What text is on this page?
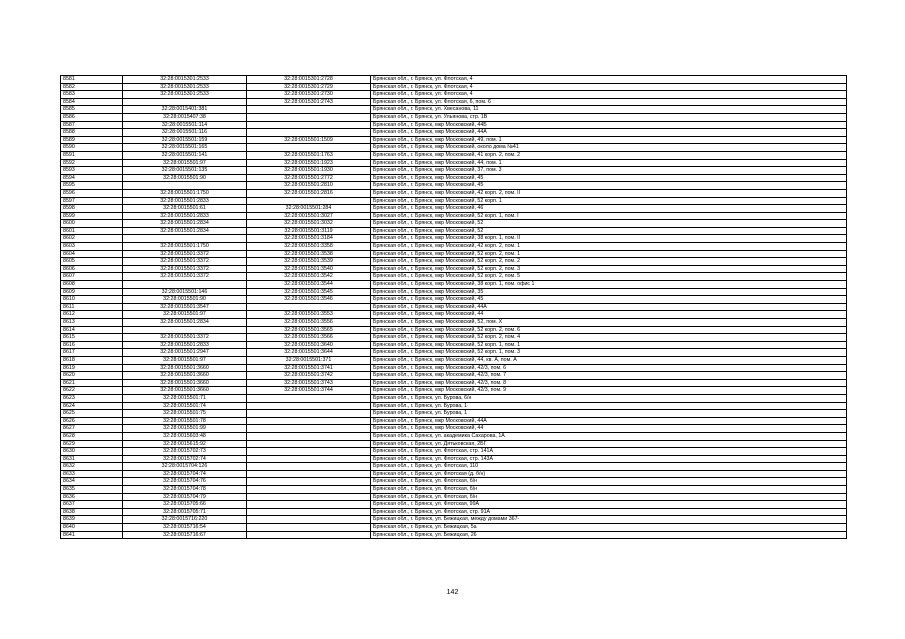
8581	32:28:0015301:2533	32:28:0015301:2728	Брянская обл., г. Брянск, ул. Флотская, 4
8582	32:28:0015301:2533	32:28:0015301:2729	Брянская обл., г. Брянск, ул. Флотская, 4
8583	32:28:0015301:2533	32:28:0015301:2730	Брянская обл., г. Брянск, ул. Флотская, 4
8584		32:28:0015301:2743	Брянская обл., г. Брянск, ул. Флотская, 6, пом. 6
8585	32:28:0015401:381		Брянская обл., г. Брянск, ул. Хвесанова, 11
8586	32:28:0015407:38		Брянская обл., г. Брянск, ул. Ульянова, стр. 1В
8587	32:28:0015501:114		Брянская обл., г. Брянск, мкр Московский, 44Б
8588	32:28:0015501:116		Брянская обл., г. Брянск, мкр Московский, 44А
8589	32:28:0015501:159	32:28:0015501:1509	Брянская обл., г. Брянск, мкр Московский, 49, пом. 1
8590	32:28:0015501:165		Брянская обл., г. Брянск, мкр Московский, около дома №41
8591	32:28:0015501:141	32:28:0015501:1763	Брянская обл., г. Брянск, мкр Московский, 41 корп. 2, пом. 2
8592	32:28:0015501:97	32:28:0015501:1923	Брянская обл., г. Брянск, мкр Московский, 44, пом. 1
8593	32:28:0015501:135	32:28:0015501:1930	Брянская обл., г. Брянск, мкр Московский, 37, пом. 3
8594	32:28:0015501:90	32:28:0015501:2772	Брянская обл., г. Брянск, мкр Московский, 45
8595		32:28:0015501:2810	Брянская обл., г. Брянск, мкр Московский, 45
8596	32:28:0015501:1750	32:28:0015501:2816	Брянская обл., г. Брянск, мкр Московский, 42 корп. 2, пом. II
8597	32:28:0015501:2833		Брянская обл., г. Брянск, мкр Московский, 52 корп. 1
8598	32:28:0015501:61	32:28:0015501:284	Брянская обл., г. Брянск, мкр Московский, 46
8599	32:28:0015501:2833	32:28:0015501:3027	Брянская обл., г. Брянск, мкр Московский, 52 корп. 1, пом. I
8600	32:28:0015501:2834	32:28:0015501:3032	Брянская обл., г. Брянск, мкр Московский, 52
8601	32:28:0015501:2834	32:28:0015501:3119	Брянская обл., г. Брянск, мкр Московский, 52
8602		32:28:0015501:3184	Брянская обл., г. Брянск, мкр Московский, 38 корп. 1, пом. II
8603	32:28:0015501:1750	32:28:0015501:3358	Брянская обл., г. Брянск, мкр Московский, 42 корп. 2, пом. 1
8604	32:28:0015501:3372	32:28:0015501:3538	Брянская обл., г. Брянск, мкр Московский, 52 корп. 2, пом. 1
8605	32:28:0015501:3372	32:28:0015501:3539	Брянская обл., г. Брянск, мкр Московский, 52 корп. 2, пом. 2
8606	32:28:0015501:3372	32:28:0015501:3540	Брянская обл., г. Брянск, мкр Московский, 52 корп. 2, пом. 3
8607	32:28:0015501:3372	32:28:0015501:3542	Брянская обл., г. Брянск, мкр Московский, 52 корп. 2, пом. 5
8608		32:28:0015501:3544	Брянская обл., г. Брянск, мкр Московский, 38 корп. 1, пом. офис 1
8609	32:28:0015501:146	32:28:0015501:3545	Брянская обл., г. Брянск, мкр Московский, 35
8610	32:28:0015501:90	32:28:0015501:3546	Брянская обл., г. Брянск, мкр Московский, 45
8611	32:28:0015501:3547		Брянская обл., г. Брянск, мкр Московский, 44А
8612	32:28:0015501:97	32:28:0015501:3553	Брянская обл., г. Брянск, мкр Московский, 44
8613	32:28:0015501:2834	32:28:0015501:3556	Брянская обл., г. Брянск, мкр Московский, 52, пом. X
8614		32:28:0015501:3565	Брянская обл., г. Брянск, мкр Московский, 52 корп. 2, пом. 6
8615	32:28:0015501:3372	32:28:0015501:3566	Брянская обл., г. Брянск, мкр Московский, 52 корп. 2, пом. 4
8616	32:28:0015501:2833	32:28:0015501:3640	Брянская обл., г. Брянск, мкр Московский, 52 корп. 1, пом. 1
8617	32:28:0015501:2947	32:28:0015501:3644	Брянская обл., г. Брянск, мкр Московский, 52 корп. 1, пом. 3
8618	32:28:0015501:97	32:28:0015501:371	Брянская обл., г. Брянск, мкр Московский, 44, кв. А, пом. А
8619	32:28:0015501:3660	32:28:0015501:3741	Брянская обл., г. Брянск, мкр Московский, 42/3, пом. 6
8620	32:28:0015501:3660	32:28:0015501:3742	Брянская обл., г. Брянск, мкр Московский, 42/3, пом. 7
8621	32:28:0015501:3660	32:28:0015501:3743	Брянская обл., г. Брянск, мкр Московский, 42/3, пом. 8
8622	32:28:0015501:3660	32:28:0015501:3744	Брянская обл., г. Брянск, мкр Московский, 42/3, пом. 9
8623	32:28:0015501:71		Брянская обл., г. Брянск, ул. Бурова, 6/н
8624	32:28:0015501:74		Брянская обл., г. Брянск, ул. Бурова, 1
8625	32:28:0015501:75		Брянская обл., г. Брянск, ул. Бурова, 1
8626	32:28:0015501:78		Брянская обл., г. Брянск, мкр Московский, 44А
8627	32:28:0015501:99		Брянская обл., г. Брянск, мкр Московский, 44
8628	32:28:0015603:48		Брянская обл., г. Брянск, ул. академика Сахарова, 1А
8629	32:28:0015615:92		Брянская обл., г. Брянск, ул. Дятьковская, 2БГ
8630	32:28:0015702:73		Брянская обл., г. Брянск, ул. Флотская, стр. 141А
8631	32:28:0015702:74		Брянская обл., г. Брянск, ул. Флотская, стр. 143А
8632	32:28:0015704:126		Брянская обл., г. Брянск, ул. Флотская, 110
8633	32:28:0015704:74		Брянская обл., г. Брянск, ул. Флотская (д. б/н)
8634	32:28:0015704:76		Брянская обл., г. Брянск, ул. Флотская, б/н
8635	32:28:0015704:78		Брянская обл., г. Брянск, ул. Флотская, б/н
8636	32:28:0015704:79		Брянская обл., г. Брянск, ул. Флотская, б/н
8637	32:28:0015705:66		Брянская обл., г. Брянск, ул. Флотская, 99А
8638	32:28:0015705:71		Брянская обл., г. Брянск, ул. Флотская, стр. 91А
8639	32:28:0015716:220		Брянская обл., г. Брянск, ул. Бежицкая, между домами 367-
8640	32:28:0015716:54		Брянская обл., г. Брянск, ул. Бежицкая, 5а
8641	32:28:0015716:67		Брянская обл., г. Брянск, ул. Бежицкая, 26
142
